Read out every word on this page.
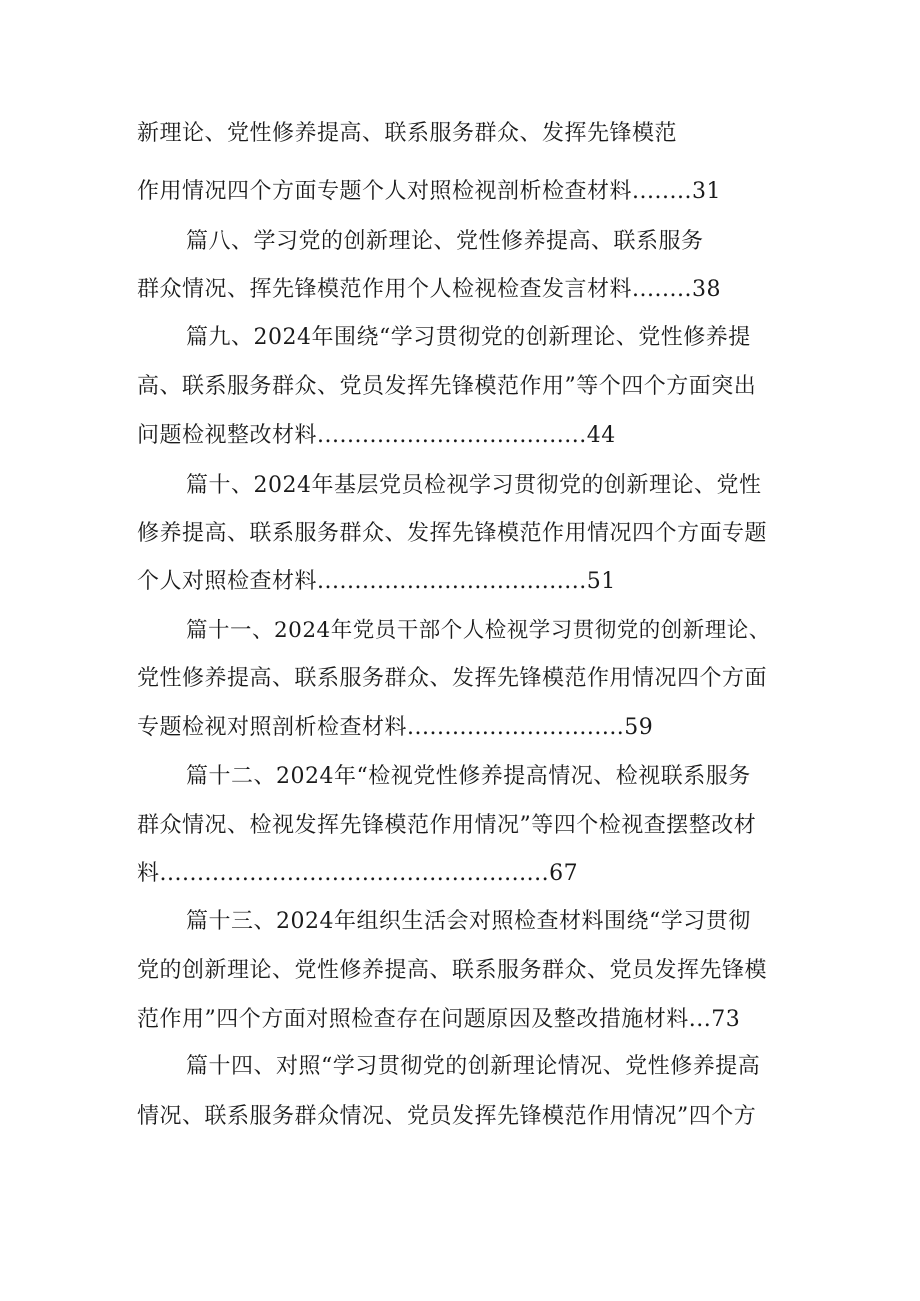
新理论、党性修养提高、联系服务群众、发挥先锋模范
作用情况四个方面专题个人对照检视剖析检查材料........31
篇八、学习党的创新理论、党性修养提高、联系服务
群众情况、挥先锋模范作用个人检视检查发言材料........38
篇九、2024年围绕“学习贯彻党的创新理论、党性修养提
高、联系服务群众、党员发挥先锋模范作用”等个四个方面突出
问题检视整改材料....................................44
篇十、2024年基层党员检视学习贯彻党的创新理论、党性
修养提高、联系服务群众、发挥先锋模范作用情况四个方面专题
个人对照检查材料....................................51
篇十一、2024年党员干部个人检视学习贯彻党的创新理论、
党性修养提高、联系服务群众、发挥先锋模范作用情况四个方面
专题检视对照剖析检查材料.............................59
篇十二、2024年“检视党性修养提高情况、检视联系服务
群众情况、检视发挥先锋模范作用情况”等四个检视查摆整改材
料....................................................67
篇十三、2024年组织生活会对照检查材料围绕“学习贯彻
党的创新理论、党性修养提高、联系服务群众、党员发挥先锋模
范作用”四个方面对照检查存在问题原因及整改措施材料...73
篇十四、对照“学习贯彻党的创新理论情况、党性修养提高
情况、联系服务群众情况、党员发挥先锋模范作用情况”四个方
